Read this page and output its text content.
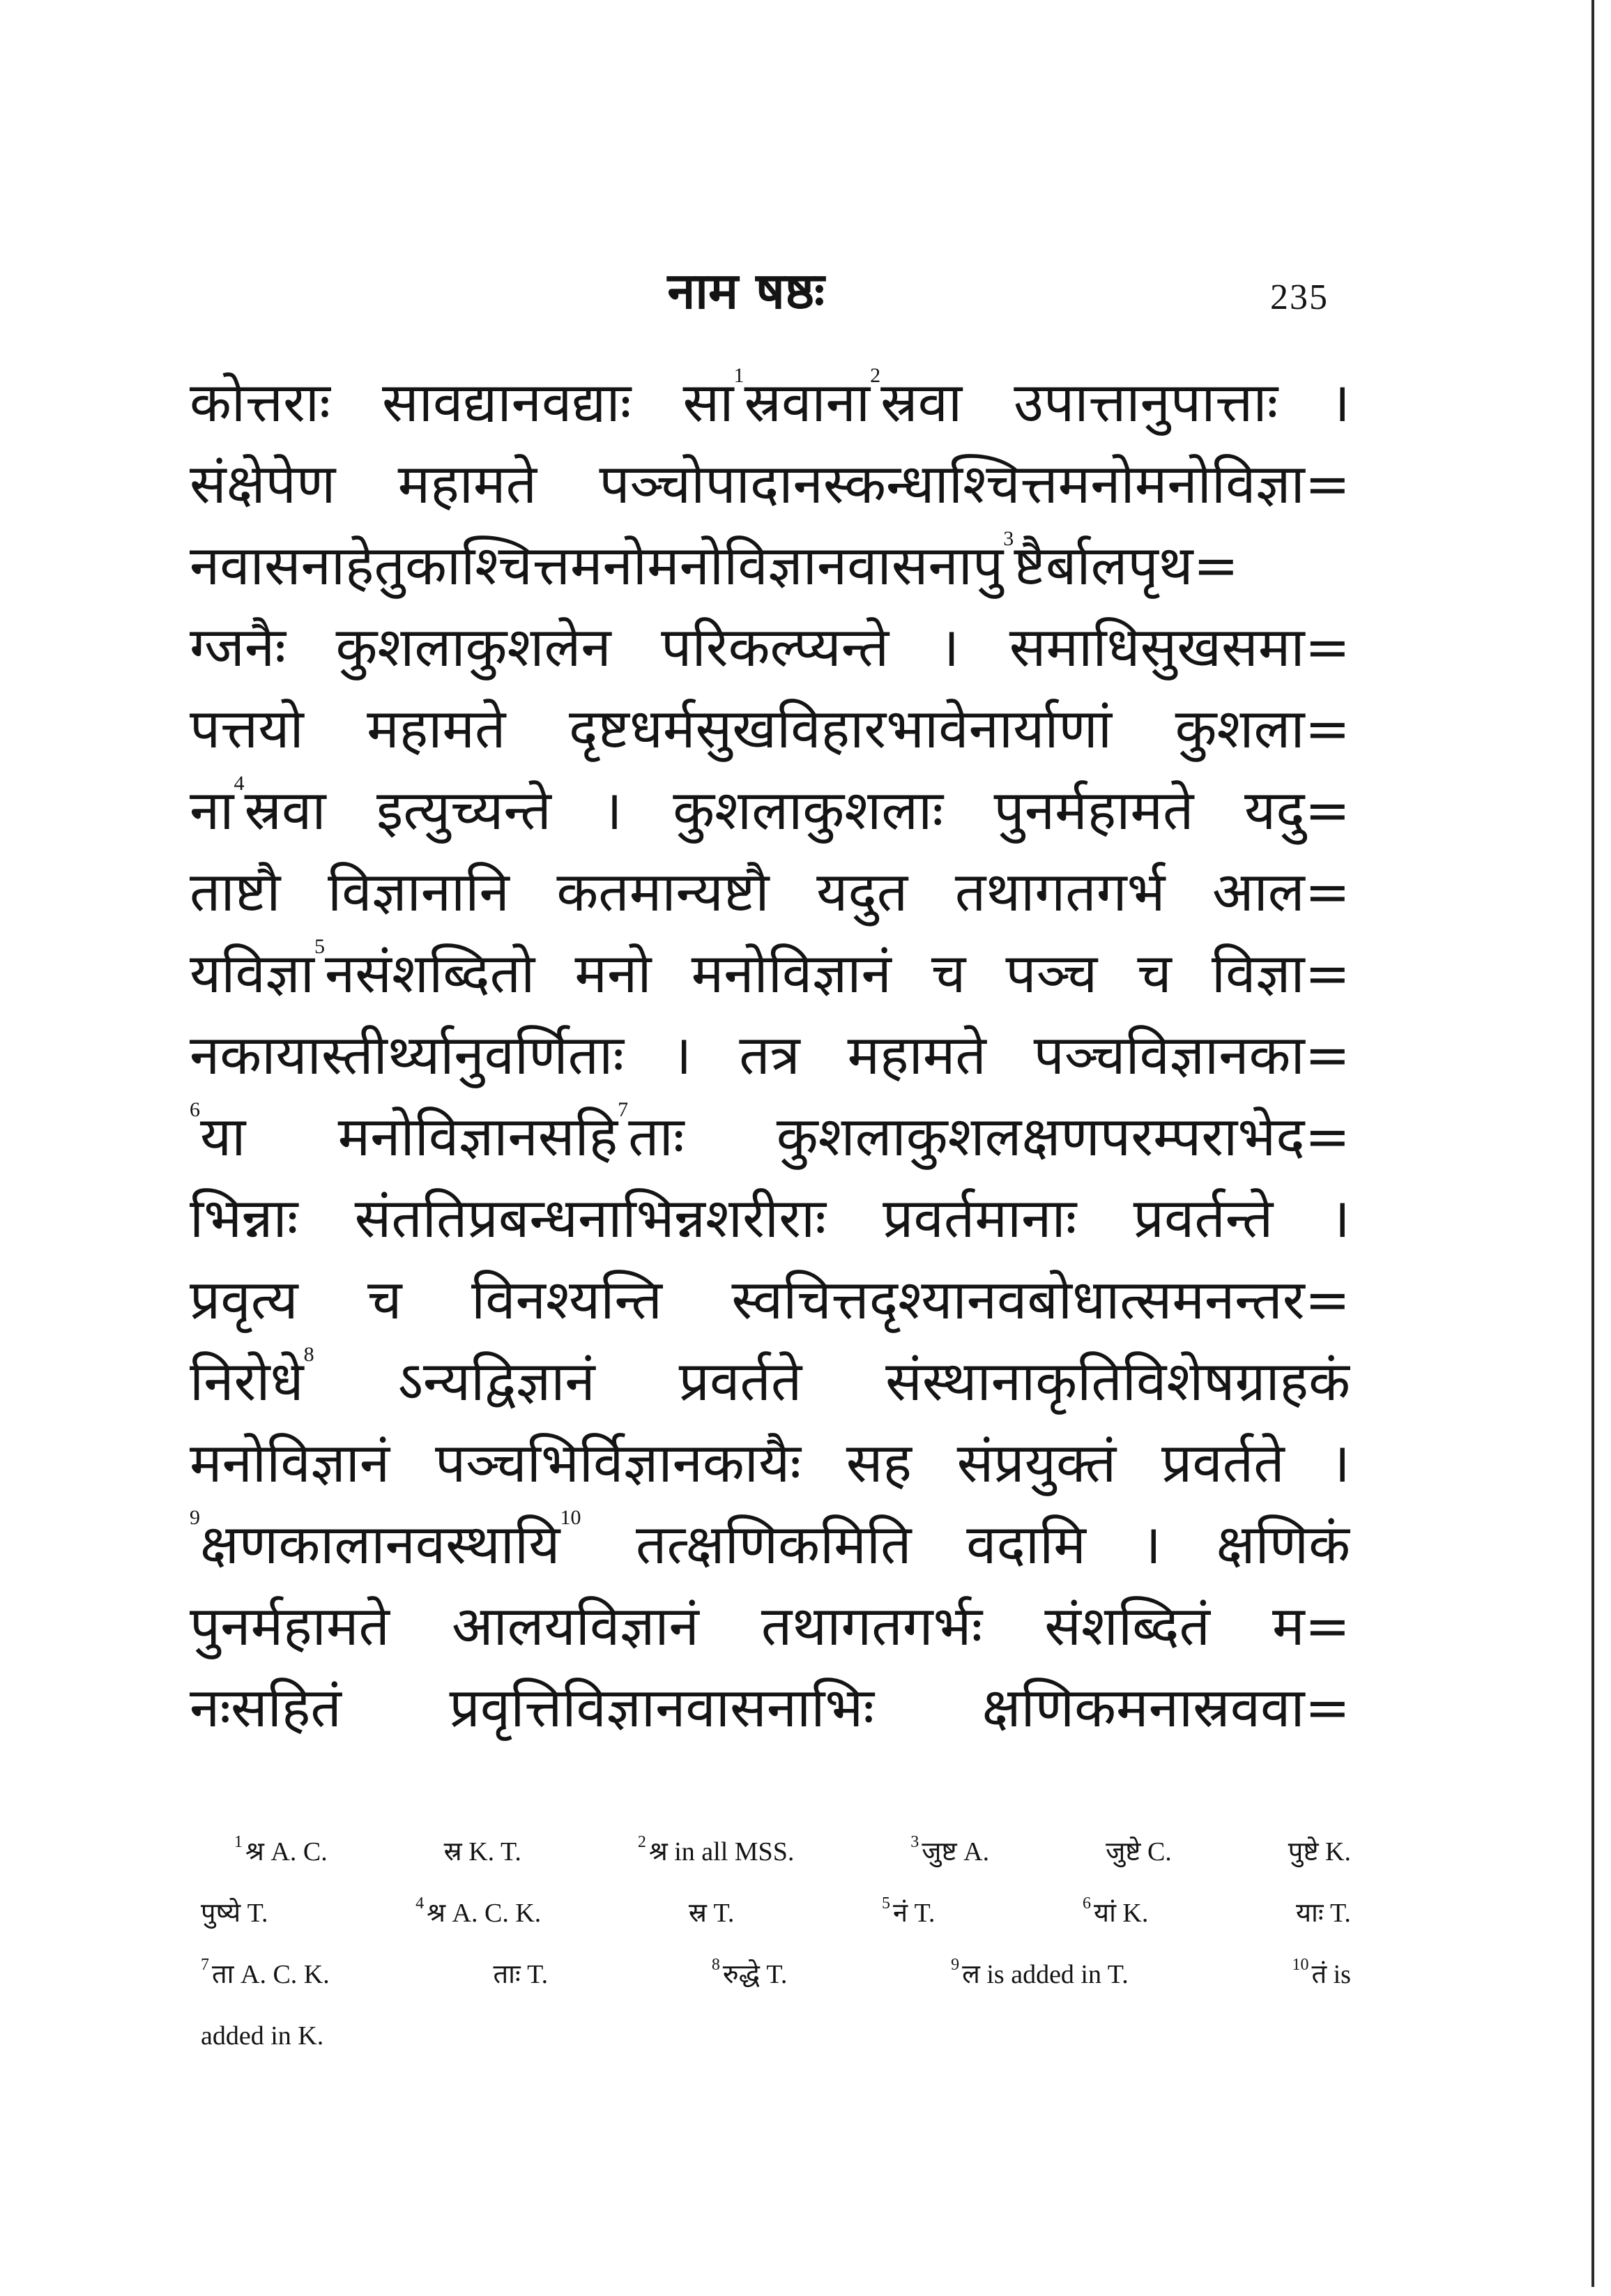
नाम षष्ठः	235
कोत्तराः सावद्यानवद्याः सा$^1$स्रवाना$^2$स्रवा उपात्तानुपात्ताः ।
संक्षेपेण महामते पञ्चोपादानस्कन्धाश्चित्तमनोमनोविज्ञा=
नवासनाहेतुकाश्चित्तमनोमनोविज्ञानवासनापु$^3$ष्टैर्बालपृथ=
ग्जनैः कुशलाकुशलेन परिकल्प्यन्ते । समाधिसुखसमा=
पत्तयो महामते दृष्टधर्मसुखविहारभावेनार्याणां कुशला=
ना$^4$स्रवा इत्युच्यन्ते । कुशलाकुशलाः पुनर्महामते यदु=
ताष्टौ विज्ञानानि कतमान्यष्टौ यदुत तथागतगर्भ आल=
यविज्ञा$^5$नसंशब्दितो मनो मनोविज्ञानं च पञ्च च विज्ञा=
नकायास्तीर्थ्यानुवर्णिताः । तत्र महामते पञ्चविज्ञानका=
$^6$या मनोविज्ञानसहि$^7$ताः कुशलाकुशलक्षणपरम्पराभेद=
भिन्नाः संततिप्रबन्धनाभिन्नशरीराः प्रवर्तमानाः प्रवर्तन्ते ।
प्रवृत्य च विनश्यन्ति स्वचित्तदृश्यानवबोधात्समनन्तर=
निरोधे$^8$ ऽन्यद्विज्ञानं प्रवर्तते संस्थानाकृतिविशेषग्राहकं
मनोविज्ञानं पञ्चभिर्विज्ञानकायैः सह संप्रयुक्तं प्रवर्तते ।
$^9$क्षणकालानवस्थायि$^{10}$ तत्क्षणिकमिति वदामि । क्षणिकं
पुनर्महामते आलयविज्ञानं तथागतगर्भः संशब्दितं म=
नःसहितं प्रवृत्तिविज्ञानवासनाभिः क्षणिकमनास्रववा=
$^1$ श्र A. C.	स्र K. T.	$^2$ श्र in all MSS.	$^3$ जुष्ट A.	जुष्टे C.	पुष्टे K.
पुष्ये T.	$^4$ श्र A. C. K.	स्र T.	$^5$ नं T.	$^6$ यां K.	याः T.
$^7$ ता A. C. K.	ताः T.	$^8$ रुद्धे T.	$^9$ ल is added in T.	$^{10}$ तं is
added in K.
